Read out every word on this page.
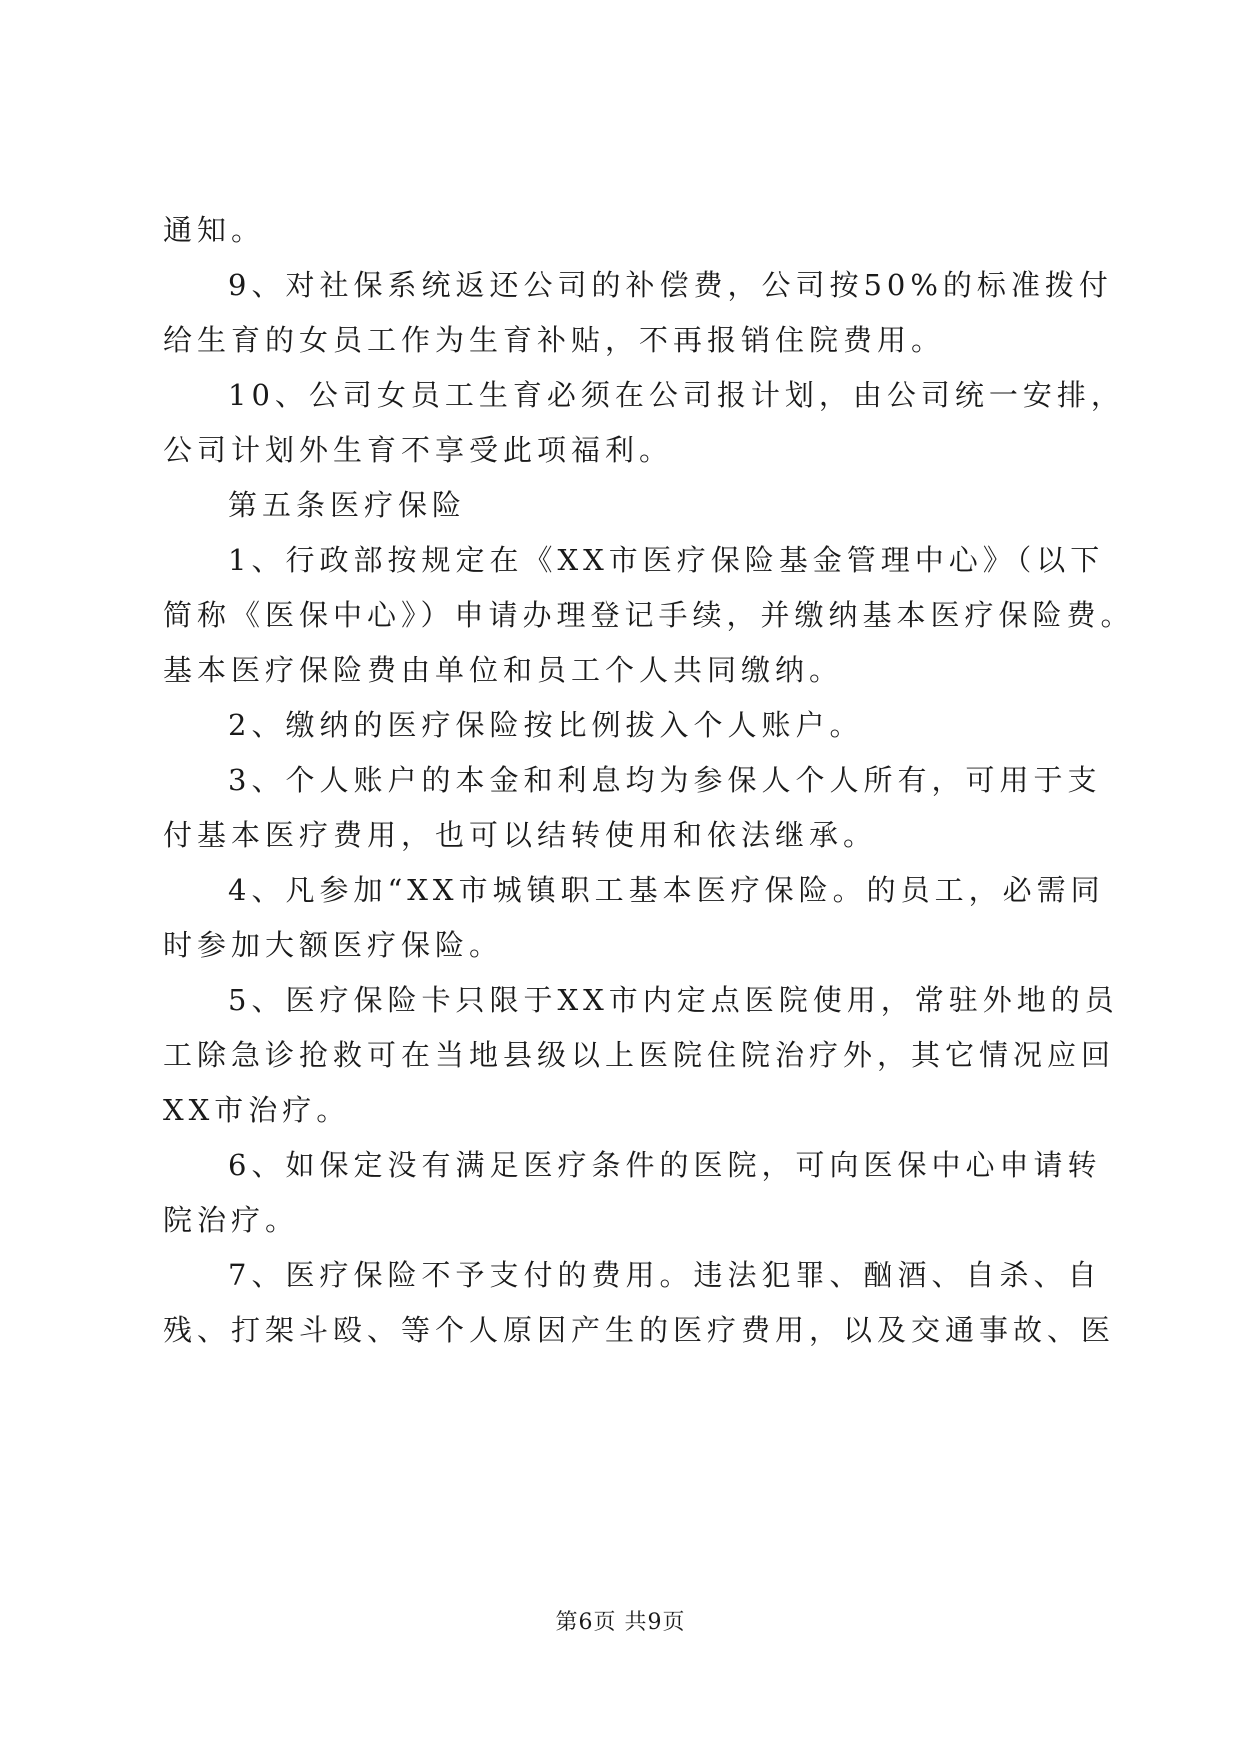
通知。
9、对社保系统返还公司的补偿费，公司按50%的标准拨付
给生育的女员工作为生育补贴，不再报销住院费用。
10、公司女员工生育必须在公司报计划，由公司统一安排，
公司计划外生育不享受此项福利。
第五条医疗保险
1、行政部按规定在《XX市医疗保险基金管理中心》（以下
简称《医保中心》）申请办理登记手续，并缴纳基本医疗保险费。
基本医疗保险费由单位和员工个人共同缴纳。
2、缴纳的医疗保险按比例拔入个人账户。
3、个人账户的本金和利息均为参保人个人所有，可用于支
付基本医疗费用，也可以结转使用和依法继承。
4、凡参加“XX市城镇职工基本医疗保险。的员工，必需同
时参加大额医疗保险。
5、医疗保险卡只限于XX市内定点医院使用，常驻外地的员
工除急诊抢救可在当地县级以上医院住院治疗外，其它情况应回
XX市治疗。
6、如保定没有满足医疗条件的医院，可向医保中心申请转
院治疗。
7、医疗保险不予支付的费用。违法犯罪、酗酒、自杀、自
残、打架斗殴、等个人原因产生的医疗费用，以及交通事故、医
第6页 共9页
